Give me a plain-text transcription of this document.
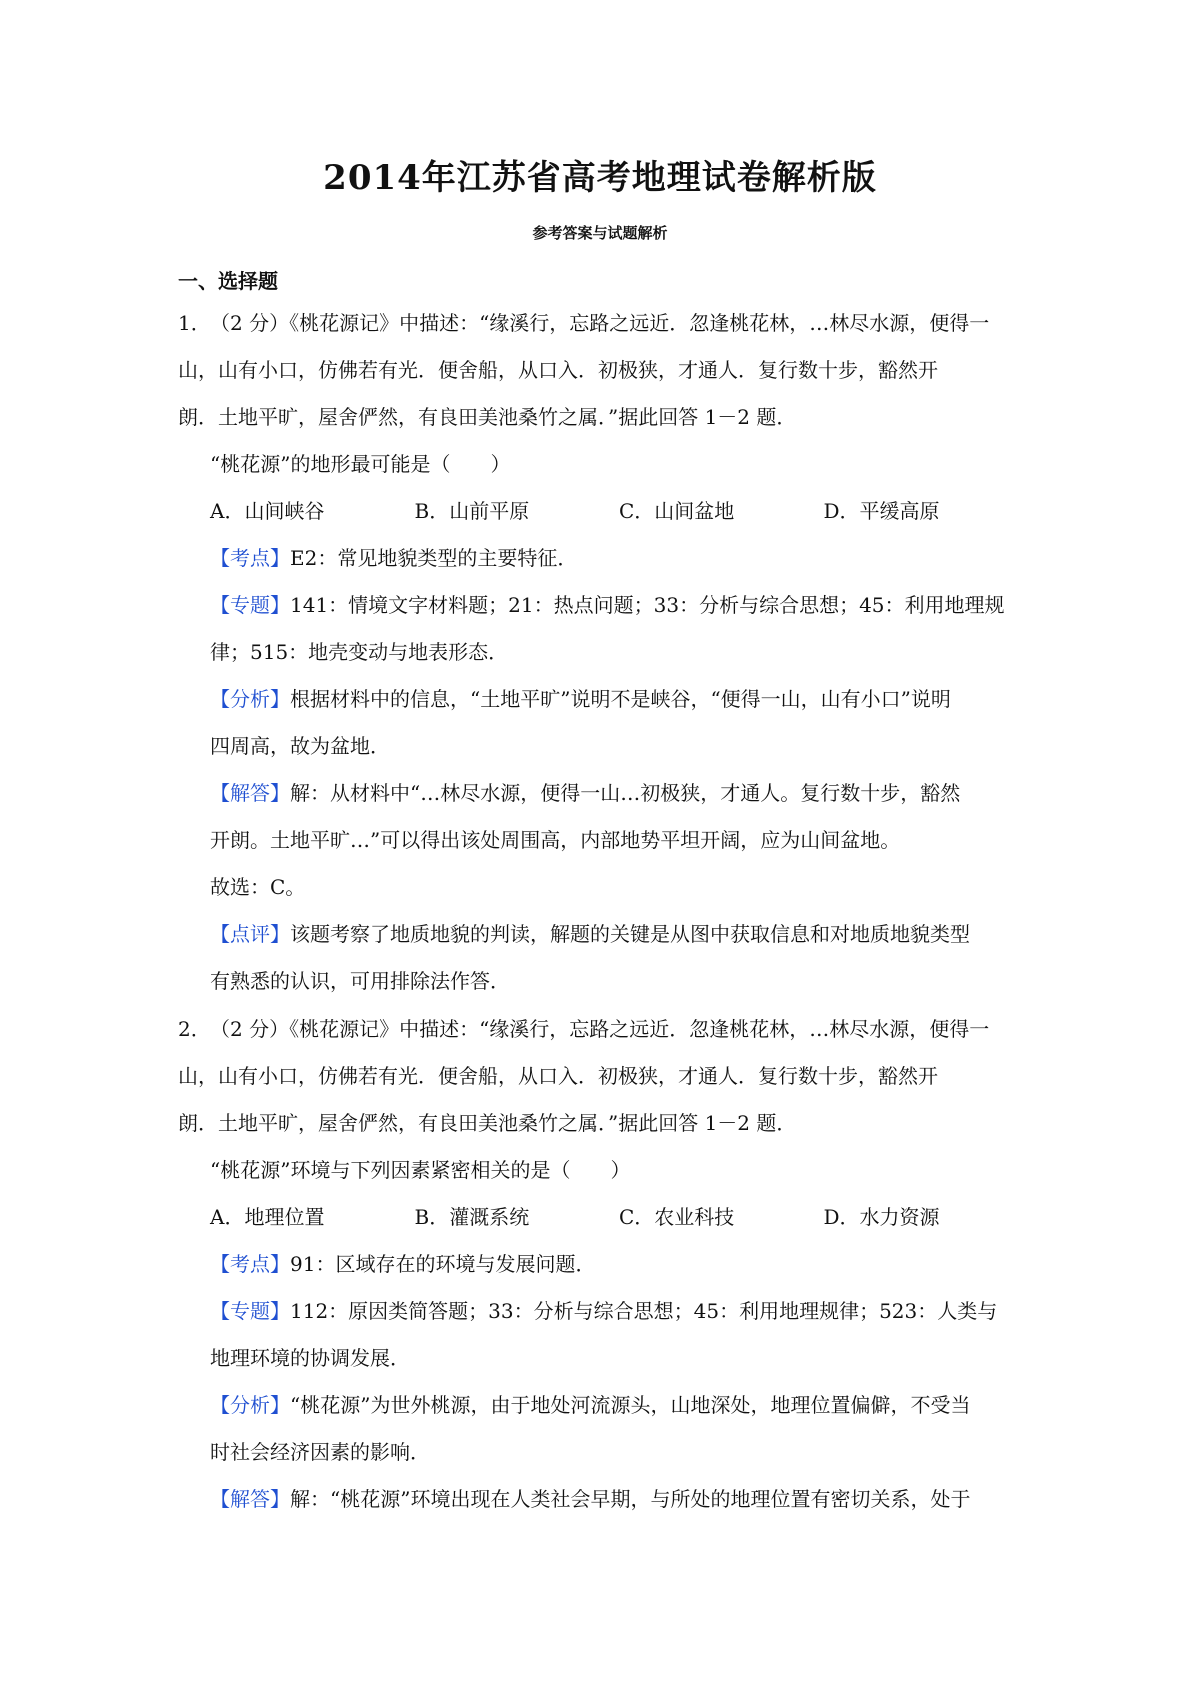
2014年江苏省高考地理试卷解析版
参考答案与试题解析
一、选择题
1． （2 分）《桃花源记》中描述：“缘溪行，忘路之远近．忽逢桃花林，…林尽水源，便得一
山，山有小口，仿佛若有光．便舍船，从口入．初极狭，才通人．复行数十步，豁然开
朗．土地平旷，屋舍俨然，有良田美池桑竹之属．”据此回答 1－2 题．
“桃花源”的地形最可能是（　　）
A．山间峡谷	B．山前平原	C．山间盆地	D．平缓高原
【考点】E2：常见地貌类型的主要特征．
【专题】141：情境文字材料题；21：热点问题；33：分析与综合思想；45：利用地理规
律；515：地壳变动与地表形态．
【分析】根据材料中的信息，“土地平旷”说明不是峡谷，“便得一山，山有小口”说明
四周高，故为盆地．
【解答】解：从材料中“…林尽水源，便得一山…初极狭，才通人。复行数十步，豁然
开朗。土地平旷…”可以得出该处周围高，内部地势平坦开阔，应为山间盆地。
故选：C。
【点评】该题考察了地质地貌的判读，解题的关键是从图中获取信息和对地质地貌类型
有熟悉的认识，可用排除法作答．
2． （2 分）《桃花源记》中描述：“缘溪行，忘路之远近．忽逢桃花林，…林尽水源，便得一
山，山有小口，仿佛若有光．便舍船，从口入．初极狭，才通人．复行数十步，豁然开
朗．土地平旷，屋舍俨然，有良田美池桑竹之属．”据此回答 1－2 题．
“桃花源”环境与下列因素紧密相关的是（　　）
A．地理位置	B．灌溉系统	C．农业科技	D．水力资源
【考点】91：区域存在的环境与发展问题．
【专题】112：原因类简答题；33：分析与综合思想；45：利用地理规律；523：人类与
地理环境的协调发展．
【分析】“桃花源”为世外桃源，由于地处河流源头，山地深处，地理位置偏僻，不受当
时社会经济因素的影响．
【解答】解：“桃花源”环境出现在人类社会早期，与所处的地理位置有密切关系，处于
